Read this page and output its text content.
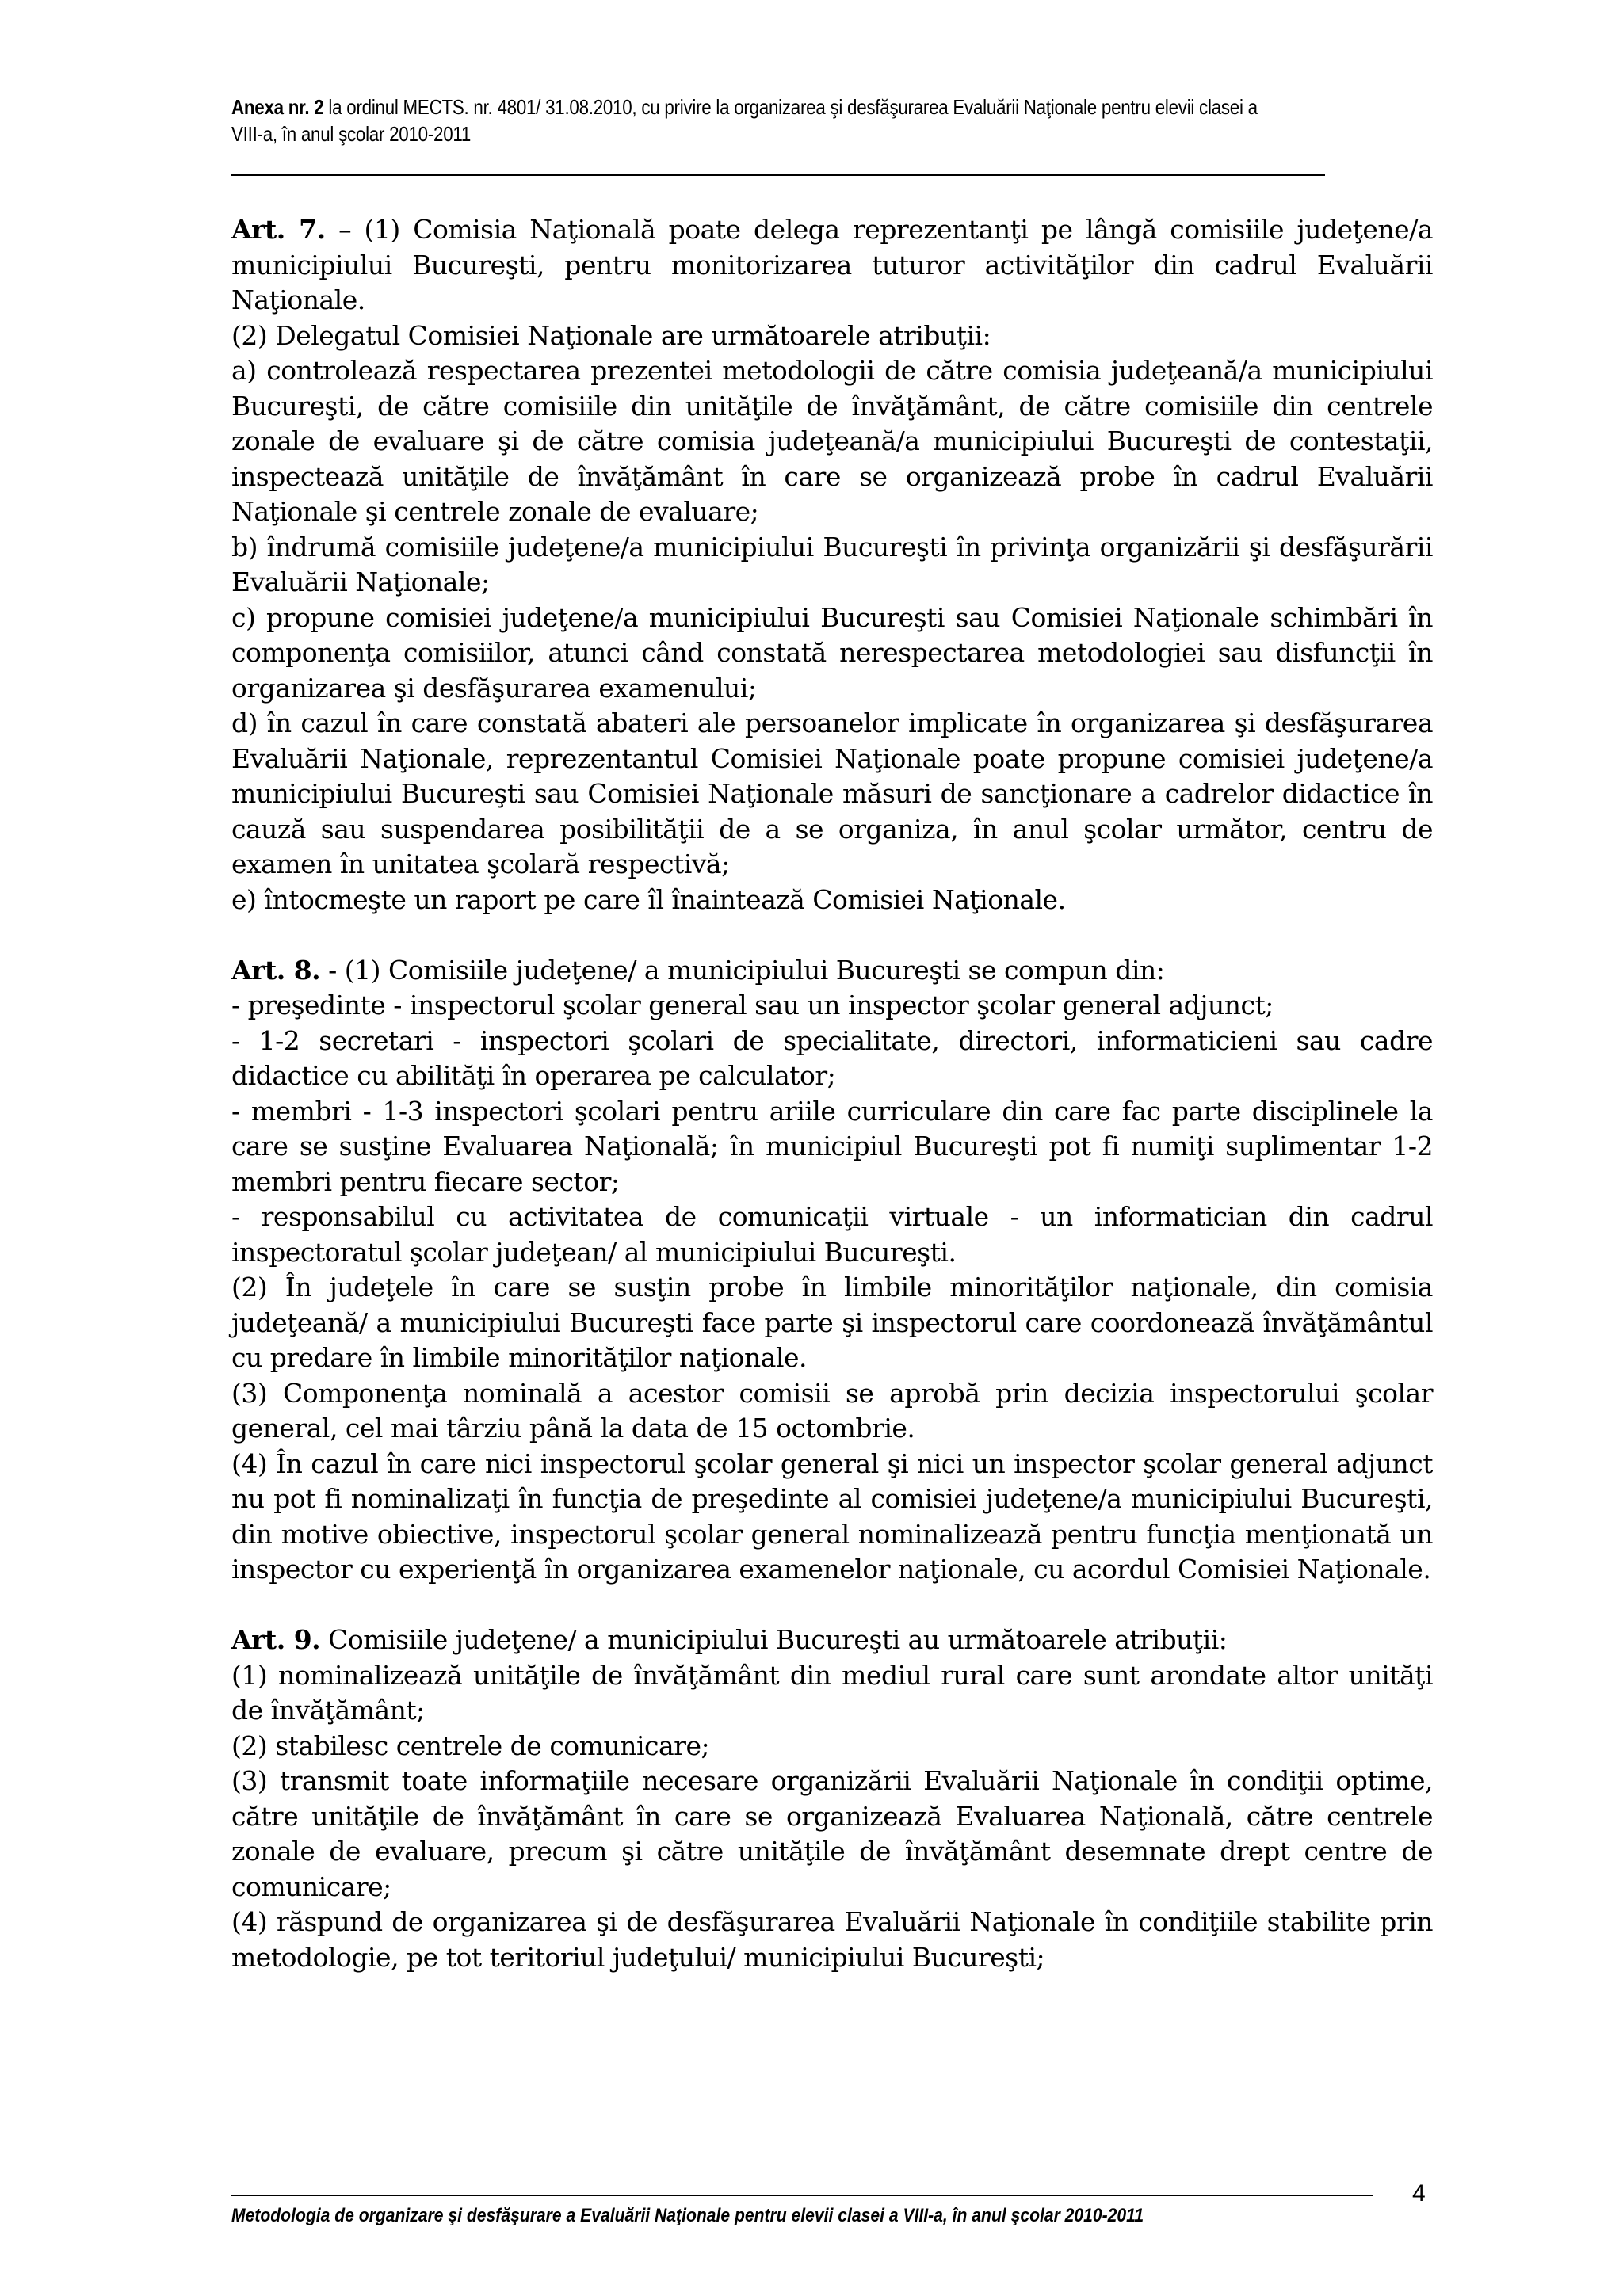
Anexa nr. 2 la ordinul MECTS. nr. 4801/ 31.08.2010, cu privire la organizarea şi desfăşurarea Evaluării Naţionale pentru elevii clasei a VIII-a, în anul şcolar 2010-2011

Art. 7. – (1) Comisia Naţională poate delega reprezentanţi pe lângă comisiile judeţene/a municipiului Bucureşti, pentru monitorizarea tuturor activităţilor din cadrul Evaluării Naţionale.

(2) Delegatul Comisiei Naţionale are următoarele atribuţii:

a) controlează respectarea prezentei metodologii de către comisia judeţeană/a municipiului Bucureşti, de către comisiile din unităţile de învăţământ, de către comisiile din centrele zonale de evaluare şi de către comisia judeţeană/a municipiului Bucureşti de contestaţii, inspectează unităţile de învăţământ în care se organizează probe în cadrul Evaluării Naţionale şi centrele zonale de evaluare;

b) îndrumă comisiile judeţene/a municipiului Bucureşti în privinţa organizării şi desfăşurării Evaluării Naţionale;

c) propune comisiei judeţene/a municipiului Bucureşti sau Comisiei Naţionale schimbări în componenţa comisiilor, atunci când constată nerespectarea metodologiei sau disfuncţii în organizarea şi desfăşurarea examenului;

d) în cazul în care constată abateri ale persoanelor implicate în organizarea şi desfăşurarea Evaluării Naţionale, reprezentantul Comisiei Naţionale poate propune comisiei judeţene/a municipiului Bucureşti sau Comisiei Naţionale măsuri de sancţionare a cadrelor didactice în cauză sau suspendarea posibilităţii de a se organiza, în anul şcolar următor, centru de examen în unitatea şcolară respectivă;

e) întocmeşte un raport pe care îl înaintează Comisiei Naţionale.

Art. 8. - (1) Comisiile judeţene/ a municipiului Bucureşti se compun din:

- preşedinte - inspectorul şcolar general sau un inspector şcolar general adjunct;

- 1-2 secretari - inspectori şcolari de specialitate, directori, informaticieni sau cadre didactice cu abilităţi în operarea pe calculator;

- membri - 1-3 inspectori şcolari pentru ariile curriculare din care fac parte disciplinele la care se susţine Evaluarea Naţională; în municipiul Bucureşti pot fi numiţi suplimentar 1-2 membri pentru fiecare sector;

- responsabilul cu activitatea de comunicaţii virtuale - un informatician din cadrul inspectoratul şcolar judeţean/ al municipiului Bucureşti.

(2) În judeţele în care se susţin probe în limbile minorităţilor naţionale, din comisia judeţeană/ a municipiului Bucureşti face parte şi inspectorul care coordonează învăţământul cu predare în limbile minorităţilor naţionale.

(3) Componenţa nominală a acestor comisii se aprobă prin decizia inspectorului şcolar general, cel mai târziu până la data de 15 octombrie.

(4) În cazul în care nici inspectorul şcolar general şi nici un inspector şcolar general adjunct nu pot fi nominalizaţi în funcţia de preşedinte al comisiei judeţene/a municipiului Bucureşti, din motive obiective, inspectorul şcolar general nominalizează pentru funcţia menţionată un inspector cu experienţă în organizarea examenelor naţionale, cu acordul Comisiei Naţionale.

Art. 9. Comisiile judeţene/ a municipiului Bucureşti au următoarele atribuţii:

(1) nominalizează unităţile de învăţământ din mediul rural care sunt arondate altor unităţi de învăţământ;

(2) stabilesc centrele de comunicare;

(3) transmit toate informaţiile necesare organizării Evaluării Naţionale în condiţii optime, către unităţile de învăţământ în care se organizează Evaluarea Naţională, către centrele zonale de evaluare, precum şi către unităţile de învăţământ desemnate drept centre de comunicare;

(4) răspund de organizarea şi de desfăşurarea Evaluării Naţionale în condiţiile stabilite prin metodologie, pe tot teritoriul judeţului/ municipiului Bucureşti;

Metodologia de organizare şi desfăşurare a Evaluării Naţionale pentru elevii clasei a VIII-a, în anul şcolar 2010-2011
4
